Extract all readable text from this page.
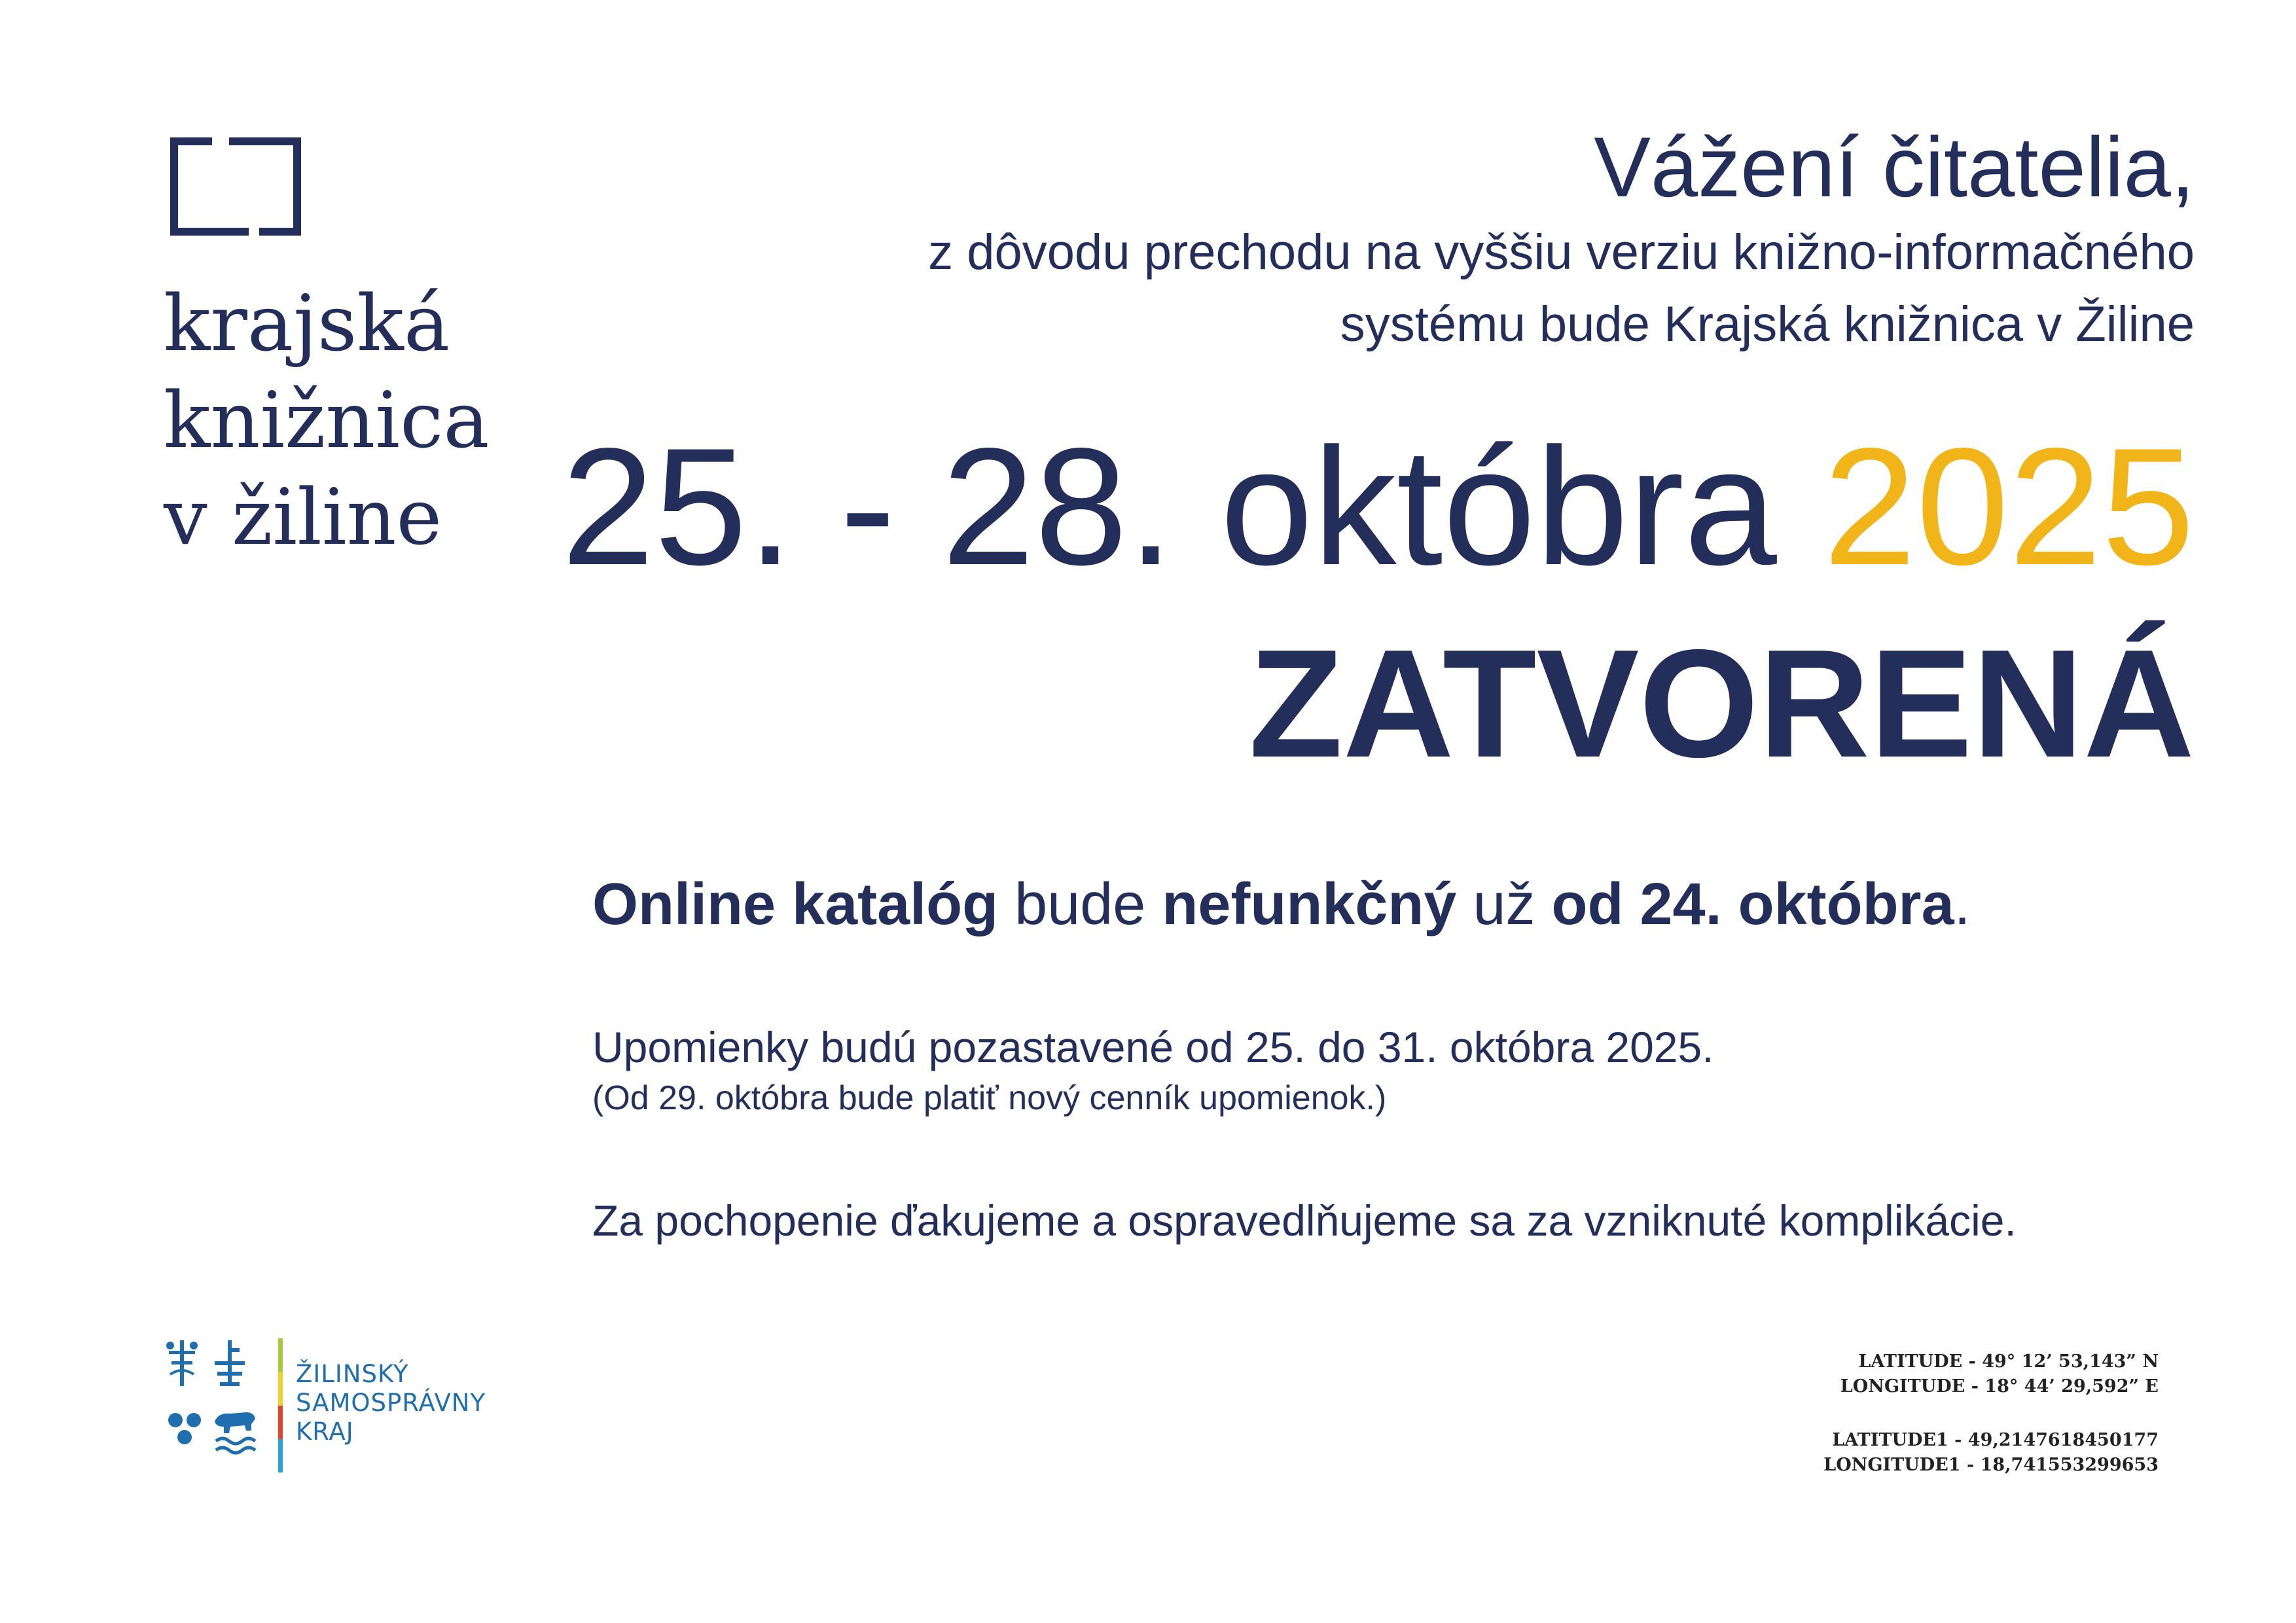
krajská
knižnica
v žiline
Vážení čitatelia,
z dôvodu prechodu na vyššiu verziu knižno-informačného
systému bude Krajská knižnica v Žiline
25. - 28. októbra 2025
ZATVORENÁ
Online katalóg bude nefunkčný už od 24. októbra.
Upomienky budú pozastavené od 25. do 31. októbra 2025.
(Od 29. októbra bude platiť nový cenník upomienok.)
Za pochopenie ďakujeme a ospravedlňujeme sa za vzniknuté komplikácie.
ŽILINSKÝ
SAMOSPRÁVNY
KRAJ
LATITUDE - 49° 12’ 53,143” N
LONGITUDE - 18° 44’ 29,592” E
LATITUDE1 - 49,2147618450177
LONGITUDE1 - 18,741553299653
